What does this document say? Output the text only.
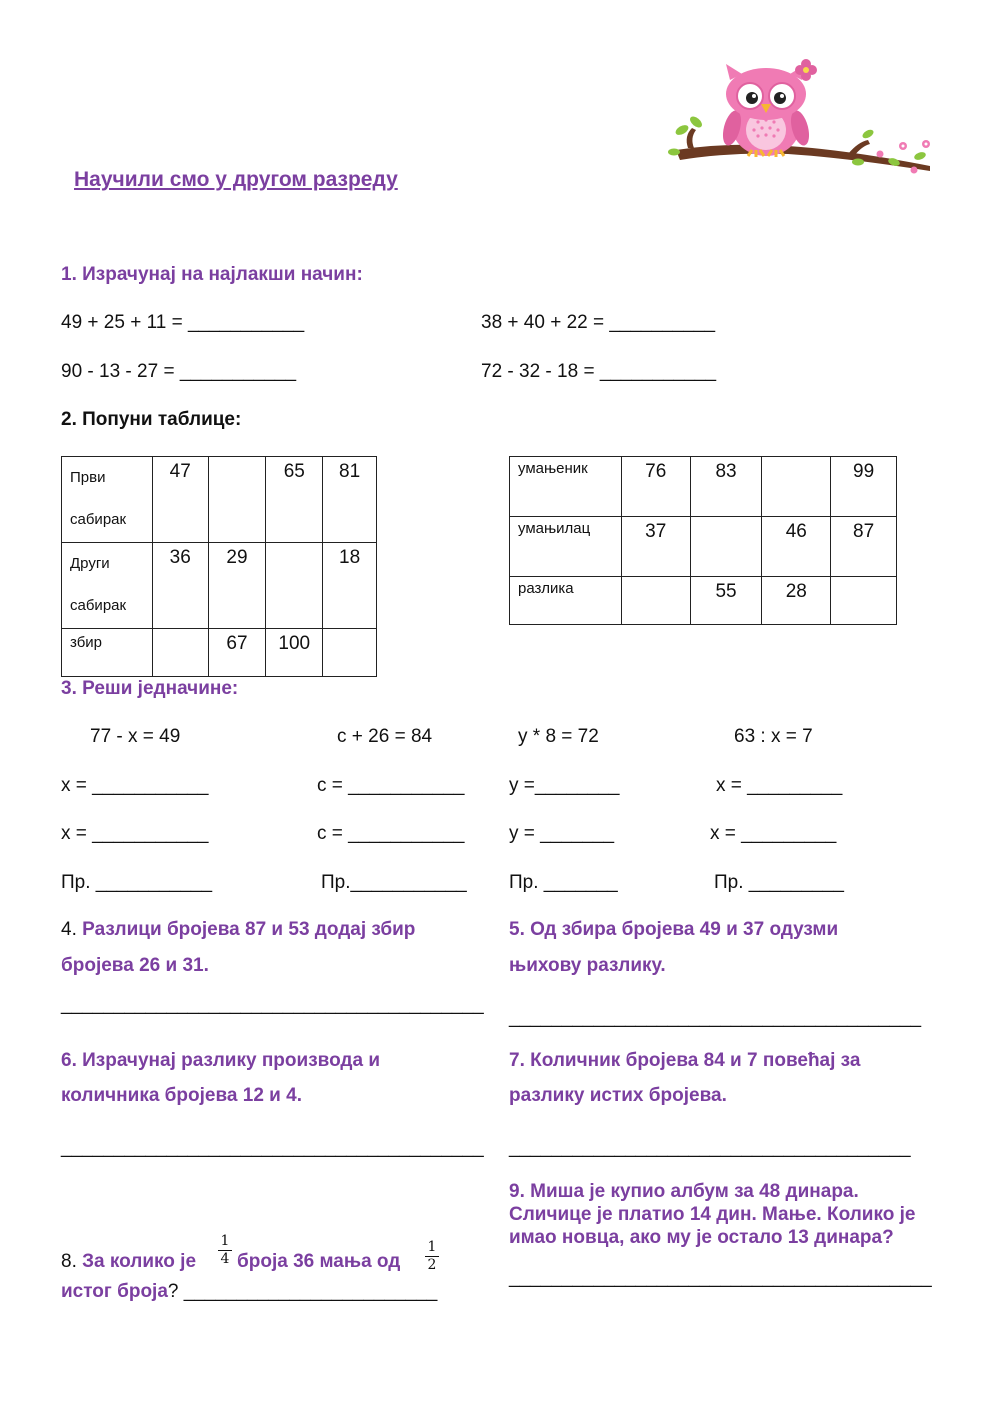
Научили смо у другом разреду
1. Израчунај на најлакши начин:
49 + 25 + 11 = ___________	38 + 40 + 22 = __________
90 - 13 - 27 = ___________	72 - 32 - 18 = ___________
2. Попуни таблице:
Први
сабирак	47		65	81

Други
сабирак	36	29		18

збир		67	100	

умањеник	76	83		99

умањилац	37		46	87

разлика		55	28	

3. Реши једначине:
77 - x = 49	c + 26 = 84	y * 8 = 72	63 : x = 7
x = ___________	c = ___________ y =________	x = _________
x = ___________	c = ___________ y = _______	x = _________
Пр. ___________	Пр.___________ Пр. _______	Пр. _________
4. Разлици бројева 87 и 53 додај збир
бројева 26 и 31.
________________________________________
5. Од збира бројева 49 и 37 одузми
њихову разлику.
_______________________________________
6. Израчунај разлику производа и
количника бројева 12 и 4.
________________________________________
7. Количник бројева 84 и 7 повећај за
разлику истих бројева.
______________________________________
9. Миша је купио албум за 48 динара.
Сличице је платио 14 дин. Мање. Колико је
имао новца, ако му је остало 13 динара?
________________________________________
8. За колико је
1
4 броја 36 мања од
1
2
истог броја? ________________________
